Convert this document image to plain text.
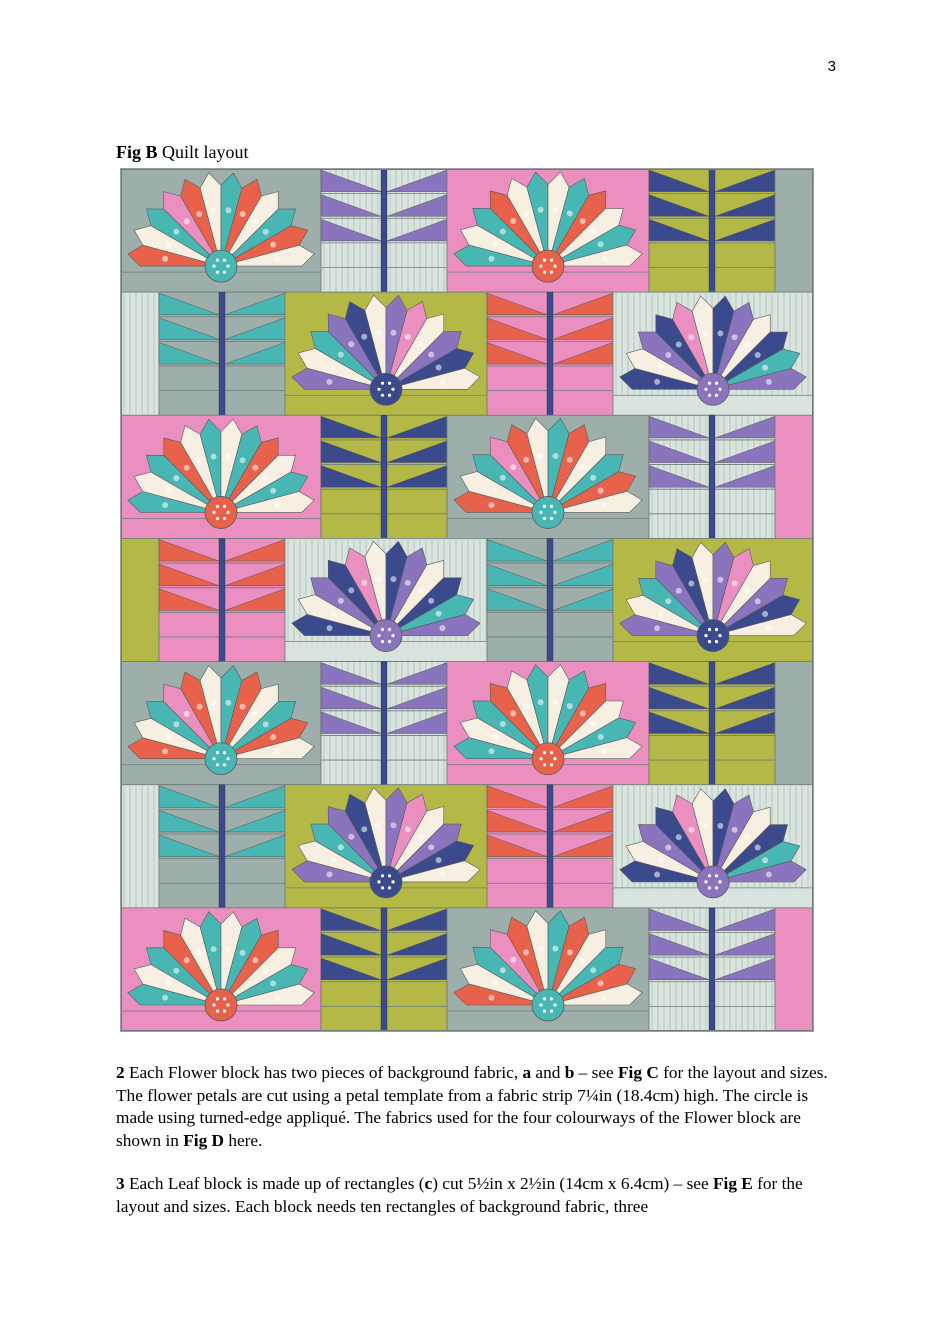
3
Fig B Quilt layout
2 Each Flower block has two pieces of background fabric, a and b – see Fig C for the layout and sizes. The flower petals are cut using a petal template from a fabric strip 7¼in (18.4cm) high. The circle is made using turned-edge appliqué. The fabrics used for the four colourways of the Flower block are shown in Fig D here.
3 Each Leaf block is made up of rectangles (c) cut 5½in x 2½in (14cm x 6.4cm) – see Fig E for the layout and sizes. Each block needs ten rectangles of background fabric, three
